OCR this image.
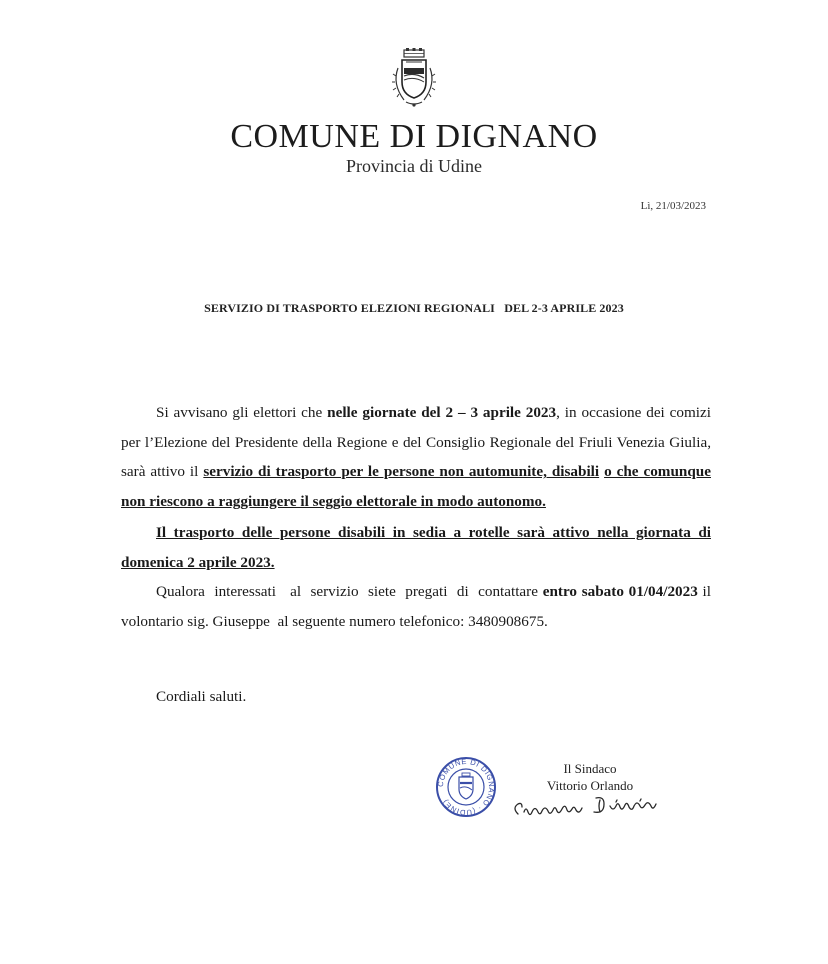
COMUNE DI DIGNANO
Provincia di Udine
Lì, 21/03/2023
SERVIZIO DI TRASPORTO ELEZIONI REGIONALI   DEL 2-3 APRILE 2023

Si avvisano gli elettori che nelle giornate del 2 – 3 aprile 2023, in occasione dei comizi per l’Elezione del Presidente della Regione e del Consiglio Regionale del Friuli Venezia Giulia, sarà attivo il servizio di trasporto per le persone non automunite, disabili o che comunque non riescono a raggiungere il seggio elettorale in modo autonomo.

Il trasporto delle persone disabili in sedia a rotelle sarà attivo nella giornata di domenica 2 aprile 2023.

Qualora  interessati   al  servizio  siete  pregati  di  contattare entro sabato 01/04/2023 il volontario sig. Giuseppe  al seguente numero telefonico: 3480908675.

Cordiali saluti.
COMUNE DI DIGNANO · (UDINE)
Il Sindaco
Vittorio Orlando
